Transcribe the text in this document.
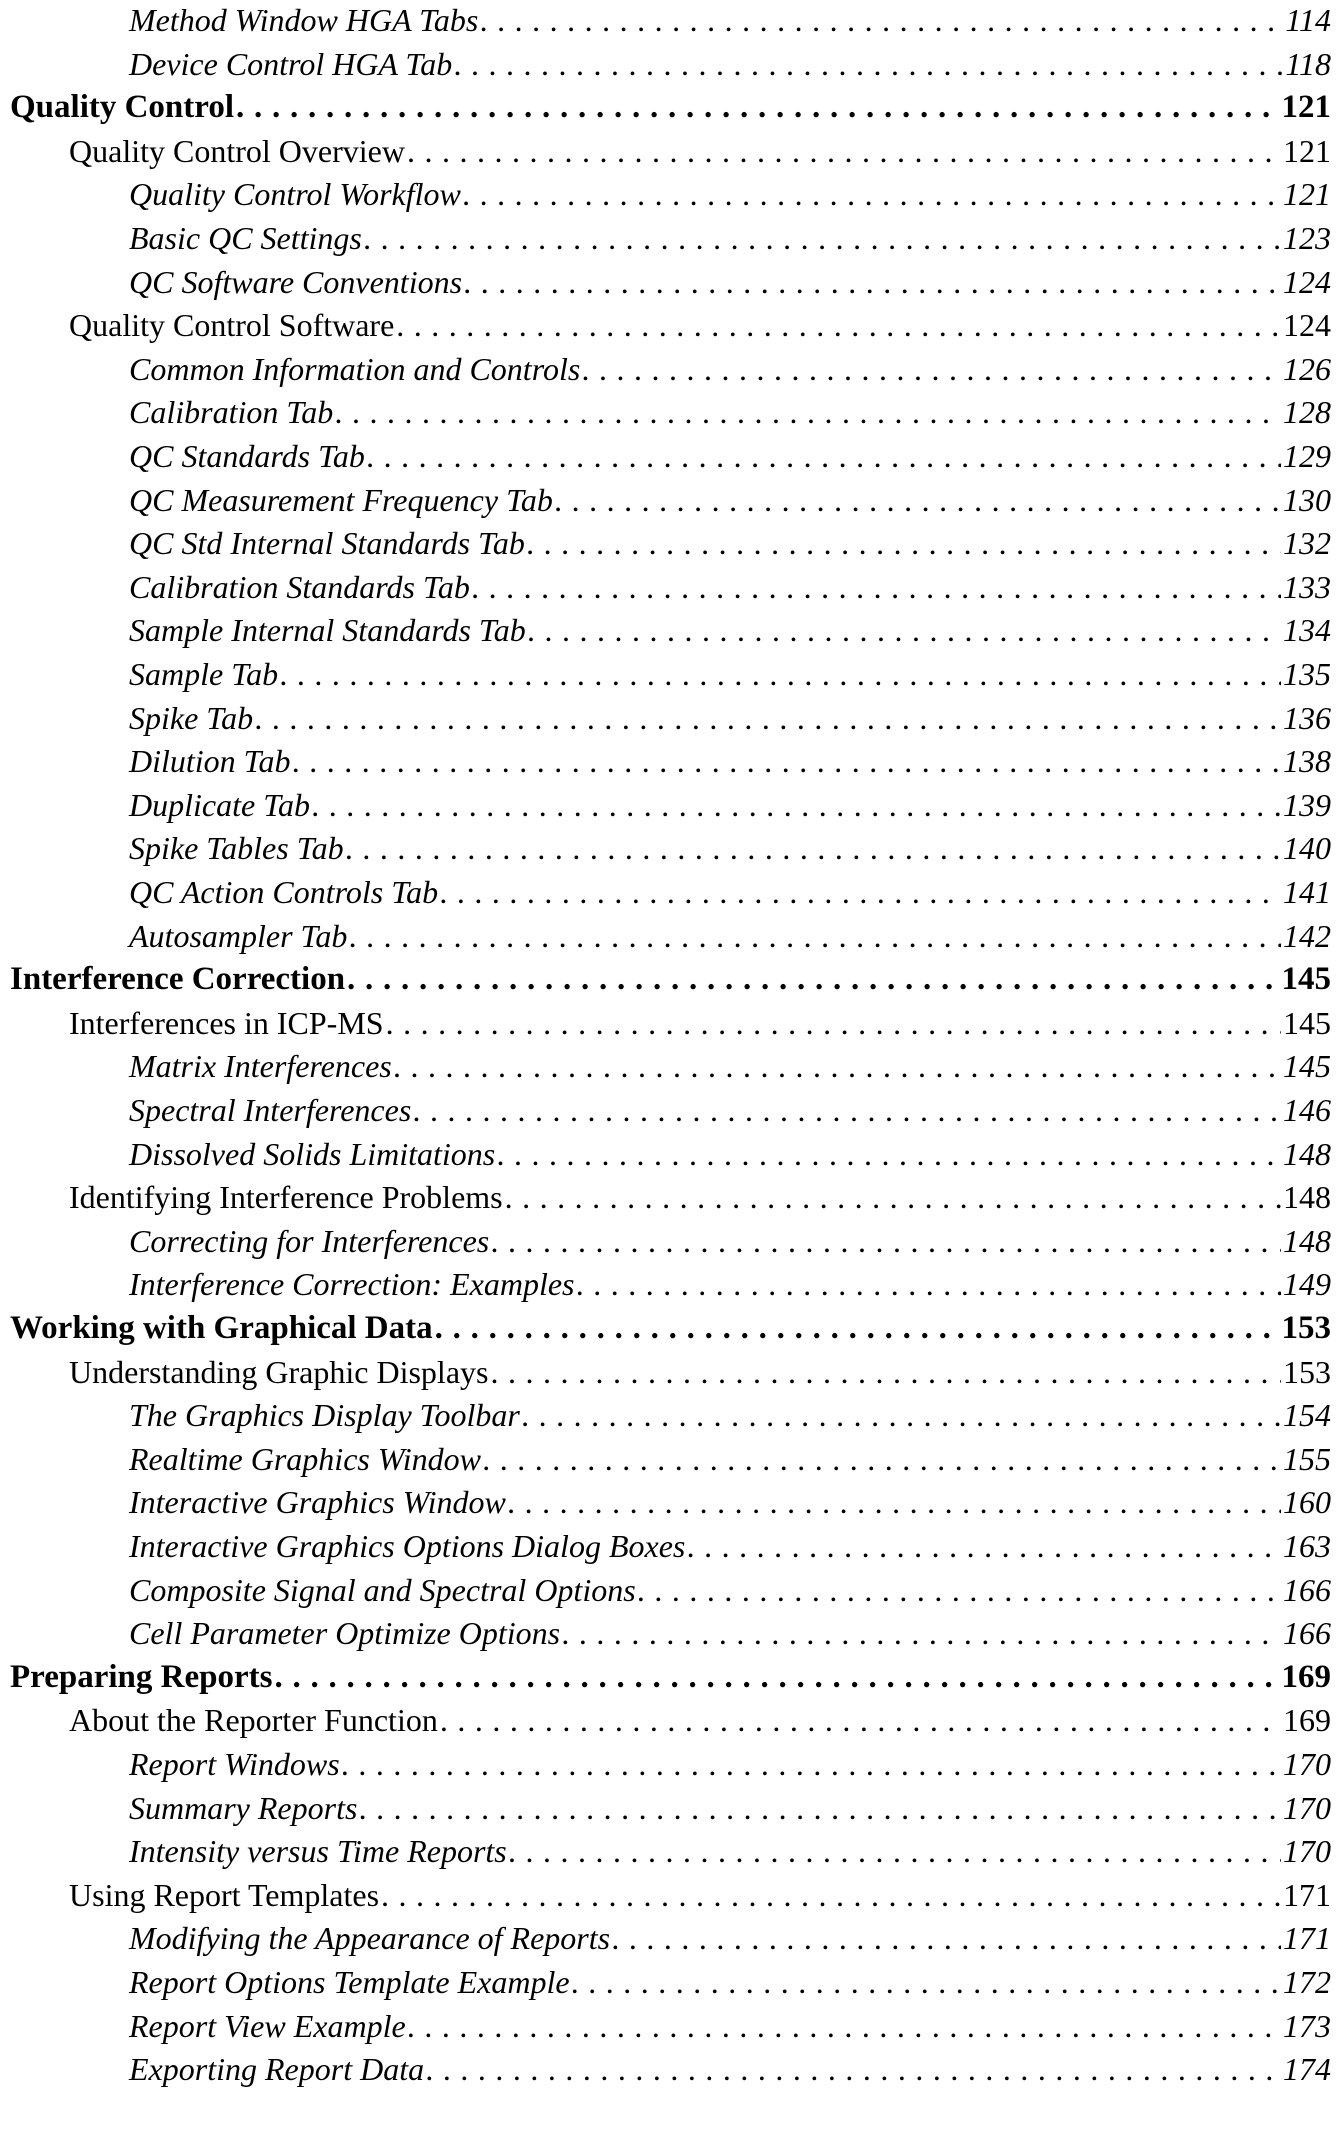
Method Window HGA Tabs . . .	114
Device Control HGA Tab . . .	118
Quality Control . . .	121
Quality Control Overview . . .	121
Quality Control Workflow . . .	121
Basic QC Settings . . .	123
QC Software Conventions . . .	124
Quality Control Software . . .	124
Common Information and Controls . . .	126
Calibration Tab . . .	128
QC Standards Tab . . .	129
QC Measurement Frequency Tab . . .	130
QC Std Internal Standards Tab . . .	132
Calibration Standards Tab . . .	133
Sample Internal Standards Tab . . .	134
Sample Tab . . .	135
Spike Tab . . .	136
Dilution Tab . . .	138
Duplicate Tab . . .	139
Spike Tables Tab . . .	140
QC Action Controls Tab . . .	141
Autosampler Tab . . .	142
Interference Correction . . .	145
Interferences in ICP-MS . . .	145
Matrix Interferences . . .	145
Spectral Interferences . . .	146
Dissolved Solids Limitations . . .	148
Identifying Interference Problems . . .	148
Correcting for Interferences . . .	148
Interference Correction: Examples . . .	149
Working with Graphical Data . . .	153
Understanding Graphic Displays . . .	153
The Graphics Display Toolbar . . .	154
Realtime Graphics Window . . .	155
Interactive Graphics Window . . .	160
Interactive Graphics Options Dialog Boxes . . .	163
Composite Signal and Spectral Options . . .	166
Cell Parameter Optimize Options . . .	166
Preparing Reports . . .	169
About the Reporter Function . . .	169
Report Windows . . .	170
Summary Reports . . .	170
Intensity versus Time Reports . . .	170
Using Report Templates . . .	171
Modifying the Appearance of Reports . . .	171
Report Options Template Example . . .	172
Report View Example . . .	173
Exporting Report Data . . .	174
